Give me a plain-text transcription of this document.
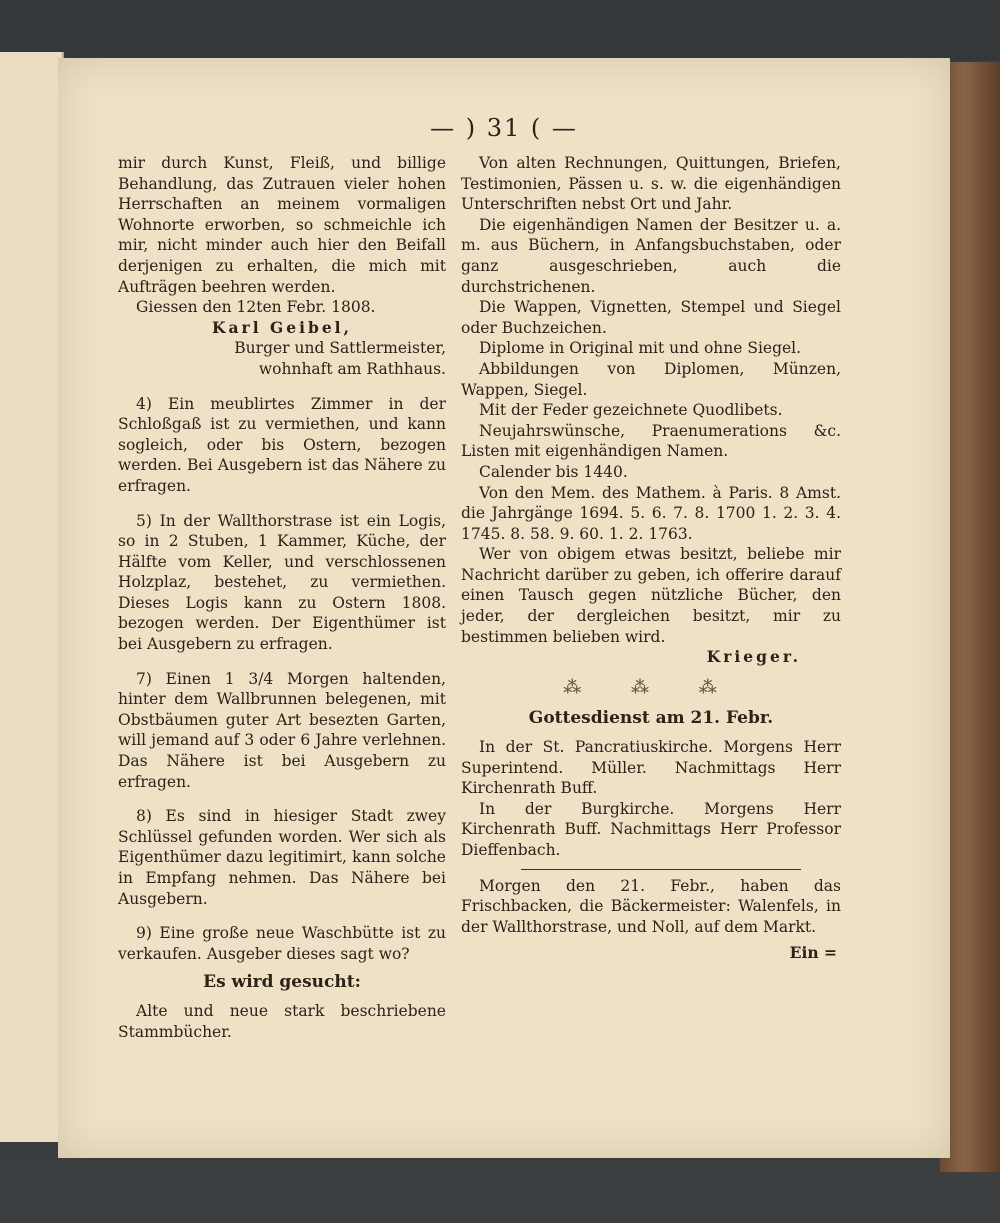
— ) 31 ( —

mir durch Kunst, Fleiß, und billige Behandlung, das Zutrauen vieler hohen Herrschaften an meinem vormaligen Wohnorte erworben, so schmeichle ich mir, nicht minder auch hier den Beifall derjenigen zu erhalten, die mich mit Aufträgen beehren werden.

Giessen den 12ten Febr. 1808.

Karl Geibel,
Burger und Sattlermeister,
wohnhaft am Rathhaus.

4) Ein meublirtes Zimmer in der Schloßgaß ist zu vermiethen, und kann sogleich, oder bis Ostern, bezogen werden. Bei Ausgebern ist das Nähere zu erfragen.

5) In der Wallthorstrase ist ein Logis, so in 2 Stuben, 1 Kammer, Küche, der Hälfte vom Keller, und verschlossenen Holzplaz, bestehet, zu vermiethen. Dieses Logis kann zu Ostern 1808. bezogen werden. Der Eigenthümer ist bei Ausgebern zu erfragen.

7) Einen 1 3/4 Morgen haltenden, hinter dem Wallbrunnen belegenen, mit Obstbäumen guter Art besezten Garten, will jemand auf 3 oder 6 Jahre verlehnen. Das Nähere ist bei Ausgebern zu erfragen.

8) Es sind in hiesiger Stadt zwey Schlüssel gefunden worden. Wer sich als Eigenthümer dazu legitimirt, kann solche in Empfang nehmen. Das Nähere bei Ausgebern.

9) Eine große neue Waschbütte ist zu verkaufen. Ausgeber dieses sagt wo?

Es wird gesucht:

Alte und neue stark beschriebene Stammbücher.

Von alten Rechnungen, Quittungen, Briefen, Testimonien, Pässen u. s. w. die eigenhändigen Unterschriften nebst Ort und Jahr.

Die eigenhändigen Namen der Besitzer u. a. m. aus Büchern, in Anfangsbuchstaben, oder ganz ausgeschrieben, auch die durchstrichenen.

Die Wappen, Vignetten, Stempel und Siegel oder Buchzeichen.

Diplome in Original mit und ohne Siegel.

Abbildungen von Diplomen, Münzen, Wappen, Siegel.

Mit der Feder gezeichnete Quodlibets.

Neujahrswünsche, Praenumerations &c. Listen mit eigenhändigen Namen.

Calender bis 1440.

Von den Mem. des Mathem. à Paris. 8 Amst. die Jahrgänge 1694. 5. 6. 7. 8. 1700 1. 2. 3. 4. 1745. 8. 58. 9. 60. 1. 2. 1763.

Wer von obigem etwas besitzt, beliebe mir Nachricht darüber zu geben, ich offerire darauf einen Tausch gegen nützliche Bücher, den jeder, der dergleichen besitzt, mir zu bestimmen belieben wird.

Krieger.
⁂ ⁂ ⁂
Gottesdienst am 21. Febr.

In der St. Pancratiuskirche. Morgens Herr Superintend. Müller. Nachmittags Herr Kirchenrath Buff.

In der Burgkirche. Morgens Herr Kirchenrath Buff. Nachmittags Herr Professor Dieffenbach.

Morgen den 21. Febr., haben das Frischbacken, die Bäckermeister: Walenfels, in der Wallthorstrase, und Noll, auf dem Markt.

Ein =
